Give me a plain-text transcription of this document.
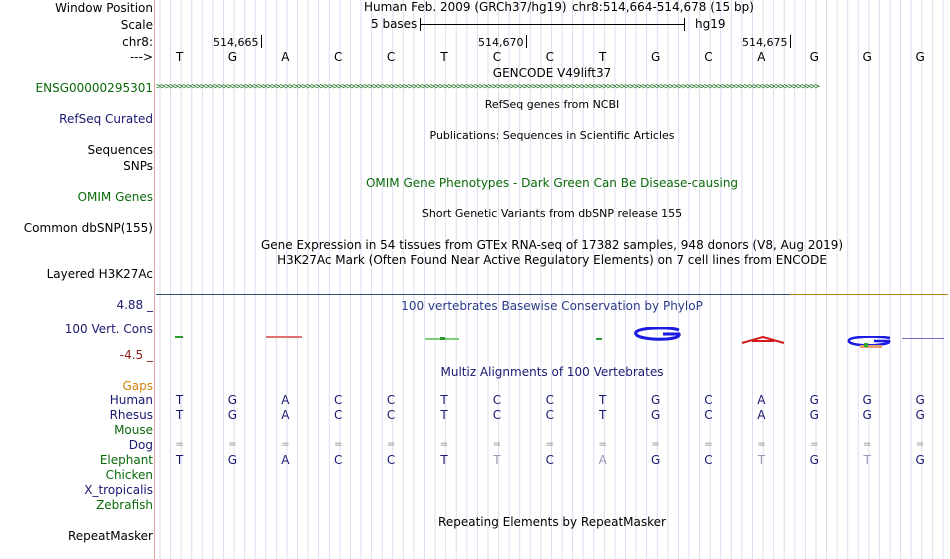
Window Position
Scale
chr8:
--->
Human Feb. 2009 (GRCh37/hg19) chr8:514,664-514,678 (15 bp)
5 bases	hg19
514,665	514,670	514,675
T	G	A	C	C	T	C	C	T	G	C	A	G	G	G
GENCODE V49lift37
ENSG00000295301 >>>>>>>>>>>>>>>>>>>>>>>>>>>>>>>>>>>>>>>>>>>>>>>>>>>>>>>>>>>>>>>>>>>>>>>>>>>>>>>>>>>>>>>>>>>>>>>>>>>>>>>>>>>>>>>>>>>>>>>>>>>>>>>>>>>>>>>>>>>>>>>>>>>>>>
RefSeq genes from NCBI
RefSeq Curated
Publications: Sequences in Scientific Articles
Sequences
SNPs
OMIM Gene Phenotypes - Dark Green Can Be Disease-causing
OMIM Genes
Short Genetic Variants from dbSNP release 155
Common dbSNP(155)
Gene Expression in 54 tissues from GTEx RNA-seq of 17382 samples, 948 donors (V8, Aug 2019)
H3K27Ac Mark (Often Found Near Active Regulatory Elements) on 7 cell lines from ENCODE
Layered H3K27Ac
4.88 _	100 vertebrates Basewise Conservation by PhyloP
100 Vert. Cons
-4.5 _
Multiz Alignments of 100 Vertebrates
Gaps
Human	T	G	A	C	C	T	C	C	T	G	C	A	G	G	G
Rhesus	T	G	A	C	C	T	C	C	T	G	C	A	G	G	G
Mouse
Dog	=	=	=	=	=	=	=	=	=	=	=	=	=	=	=
Elephant	T	G	A	C	C	T	T	C	A	G	C	T	G	T	G
Chicken
X_tropicalis
Zebrafish
Repeating Elements by RepeatMasker
RepeatMasker
